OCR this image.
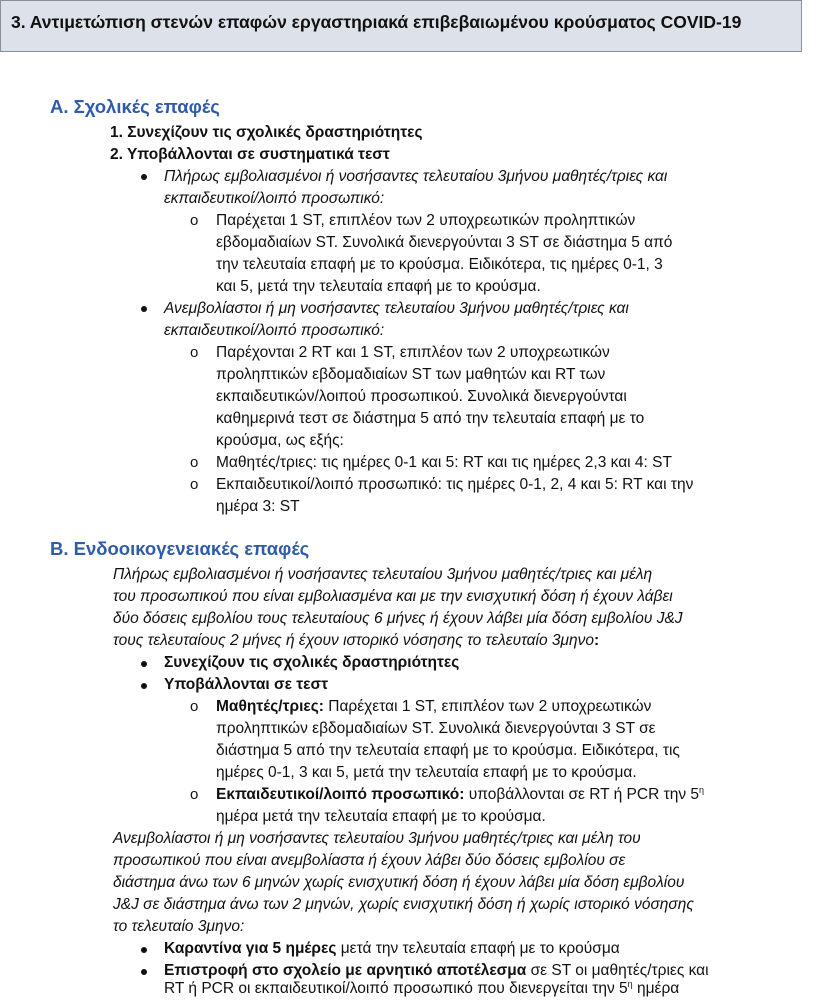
3. Αντιμετώπιση στενών επαφών εργαστηριακά επιβεβαιωμένου κρούσματος COVID-19
Α. Σχολικές επαφές
1. Συνεχίζουν τις σχολικές δραστηριότητες
2. Υποβάλλονται σε συστηματικά τεστ
Πλήρως εμβολιασμένοι ή νοσήσαντες τελευταίου 3μήνου μαθητές/τριες και
εκπαιδευτικοί/λοιπό προσωπικό:
o Παρέχεται 1 ST, επιπλέον των 2 υποχρεωτικών προληπτικών
εβδομαδιαίων ST. Συνολικά διενεργούνται 3 ST σε διάστημα 5 από
την τελευταία επαφή με το κρούσμα. Ειδικότερα, τις ημέρες 0-1, 3
και 5, μετά την τελευταία επαφή με το κρούσμα.
Ανεμβολίαστοι ή μη νοσήσαντες τελευταίου 3μήνου μαθητές/τριες και
εκπαιδευτικοί/λοιπό προσωπικό:
o Παρέχονται 2 RT και 1 ST, επιπλέον των 2 υποχρεωτικών
προληπτικών εβδομαδιαίων ST των μαθητών και RT των
εκπαιδευτικών/λοιπού προσωπικού. Συνολικά διενεργούνται
καθημερινά τεστ σε διάστημα 5 από την τελευταία επαφή με το
κρούσμα, ως εξής:
o Μαθητές/τριες: τις ημέρες 0-1 και 5: RT και τις ημέρες 2,3 και 4: ST
o Εκπαιδευτικοί/λοιπό προσωπικό: τις ημέρες 0-1, 2, 4 και 5: RT και την
ημέρα 3: ST
Β. Ενδοοικογενειακές επαφές
Πλήρως εμβολιασμένοι ή νοσήσαντες τελευταίου 3μήνου μαθητές/τριες και μέλη
του προσωπικού που είναι εμβολιασμένα και με την ενισχυτική δόση ή έχουν λάβει
δύο δόσεις εμβολίου τους τελευταίους 6 μήνες ή έχουν λάβει μία δόση εμβολίου J&J
τους τελευταίους 2 μήνες ή έχουν ιστορικό νόσησης το τελευταίο 3μηνο:
Συνεχίζουν τις σχολικές δραστηριότητες
Υποβάλλονται σε τεστ
o Μαθητές/τριες: Παρέχεται 1 ST, επιπλέον των 2 υποχρεωτικών
προληπτικών εβδομαδιαίων ST. Συνολικά διενεργούνται 3 ST σε
διάστημα 5 από την τελευταία επαφή με το κρούσμα. Ειδικότερα, τις
ημέρες 0-1, 3 και 5, μετά την τελευταία επαφή με το κρούσμα.
o Εκπαιδευτικοί/λοιπό προσωπικό: υποβάλλονται σε RT ή PCR την $5^\eta$
ημέρα μετά την τελευταία επαφή με το κρούσμα.
Ανεμβολίαστοι ή μη νοσήσαντες τελευταίου 3μήνου μαθητές/τριες και μέλη του
προσωπικού που είναι ανεμβολίαστα ή έχουν λάβει δύο δόσεις εμβολίου σε
διάστημα άνω των 6 μηνών χωρίς ενισχυτική δόση ή έχουν λάβει μία δόση εμβολίου
J&J σε διάστημα άνω των 2 μηνών, χωρίς ενισχυτική δόση ή χωρίς ιστορικό νόσησης
το τελευταίο 3μηνο:
Καραντίνα για 5 ημέρες μετά την τελευταία επαφή με το κρούσμα
Επιστροφή στο σχολείο με αρνητικό αποτέλεσμα σε ST οι μαθητές/τριες και
RT ή PCR οι εκπαιδευτικοί/λοιπό προσωπικό που διενεργείται την $5^\eta$ ημέρα
